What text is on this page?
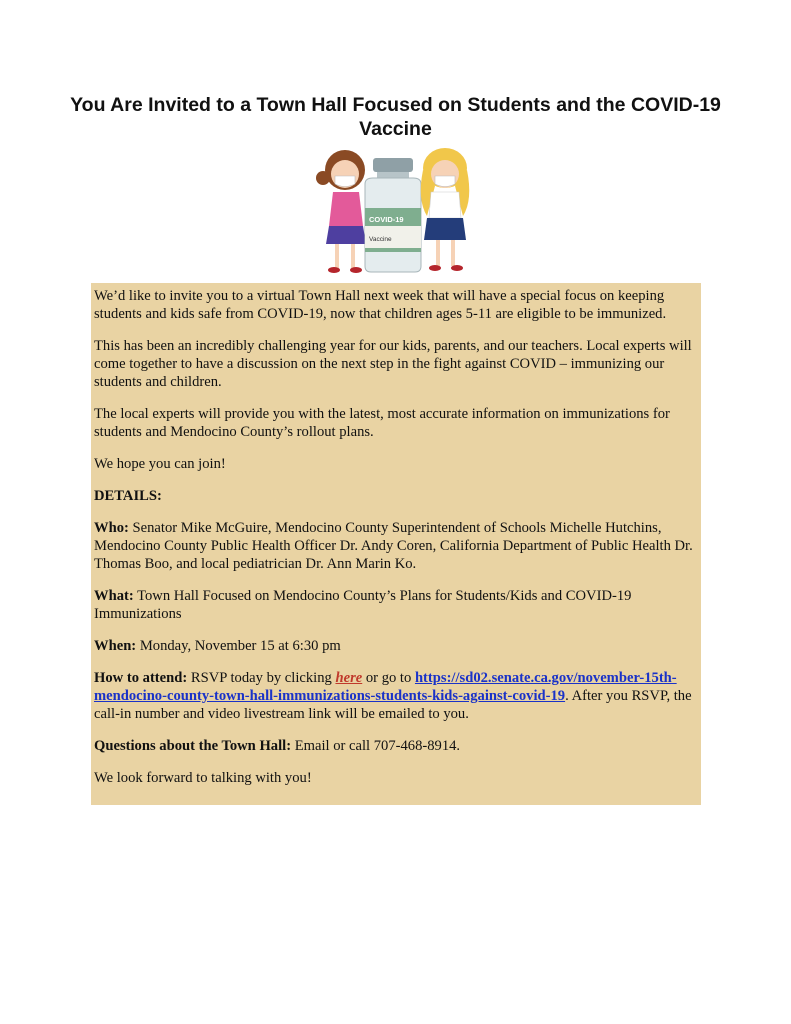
You Are Invited to a Town Hall Focused on Students and the COVID-19 Vaccine
COVID-19
Vaccine

We’d like to invite you to a virtual Town Hall next week that will have a special focus on keeping students and kids safe from COVID-19, now that children ages 5-11 are eligible to be immunized.

This has been an incredibly challenging year for our kids, parents, and our teachers. Local experts will come together to have a discussion on the next step in the fight against COVID – immunizing our students and children.

The local experts will provide you with the latest, most accurate information on immunizations for students and Mendocino County’s rollout plans.

We hope you can join!

DETAILS:

Who: Senator Mike McGuire, Mendocino County Superintendent of Schools Michelle Hutchins, Mendocino County Public Health Officer Dr. Andy Coren, California Department of Public Health Dr. Thomas Boo, and local pediatrician Dr. Ann Marin Ko.

What: Town Hall Focused on Mendocino County’s Plans for Students/Kids and COVID-19 Immunizations

When: Monday, November 15 at 6:30 pm

How to attend: RSVP today by clicking here or go to https://sd02.senate.ca.gov/november-15th-mendocino-county-town-hall-immunizations-students-kids-against-covid-19. After you RSVP, the call-in number and video livestream link will be emailed to you.

Questions about the Town Hall: Email or call 707-468-8914.

We look forward to talking with you!
